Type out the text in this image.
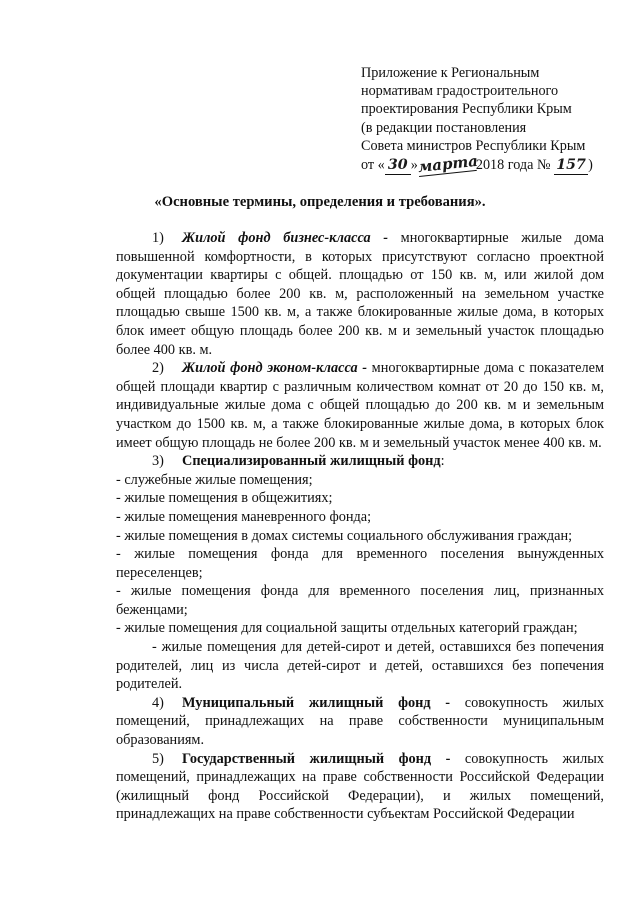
Приложение к Региональным
нормативам градостроительного
проектирования Республики Крым
(в редакции постановления
Совета министров Республики Крым
от « 30 »марта2018 года № 157 )
«Основные термины, определения и требования».

1) Жилой фонд бизнес-класса - многоквартирные жилые дома повышенной комфортности, в которых присутствуют согласно проектной документации квартиры с общей. площадью от 150 кв. м, или жилой дом общей площадью более 200 кв. м, расположенный на земельном участке площадью свыше 1500 кв. м, а также блокированные жилые дома, в которых блок имеет общую площадь более 200 кв. м и земельный участок площадью более 400 кв. м.

2) Жилой фонд эконом-класса - многоквартирные дома с показателем общей площади квартир с различным количеством комнат от 20 до 150 кв. м, индивидуальные жилые дома с общей площадью до 200 кв. м и земельным участком до 1500 кв. м, а также блокированные жилые дома, в которых блок имеет общую площадь не более 200 кв. м и земельный участок менее 400 кв. м.

3) Специализированный жилищный фонд:

- служебные жилые помещения;

- жилые помещения в общежитиях;

- жилые помещения маневренного фонда;

- жилые помещения в домах системы социального обслуживания граждан;

- жилые помещения фонда для временного поселения вынужденных переселенцев;

- жилые помещения фонда для временного поселения лиц, признанных беженцами;

- жилые помещения для социальной защиты отдельных категорий граждан;

- жилые помещения для детей-сирот и детей, оставшихся без попечения родителей, лиц из числа детей-сирот и детей, оставшихся без попечения родителей.

4) Муниципальный жилищный фонд - совокупность жилых помещений, принадлежащих на праве собственности муниципальным образованиям.

5) Государственный жилищный фонд - совокупность жилых помещений, принадлежащих на праве собственности Российской Федерации (жилищный фонд Российской Федерации), и жилых помещений, принадлежащих на праве собственности субъектам Российской Федерации
